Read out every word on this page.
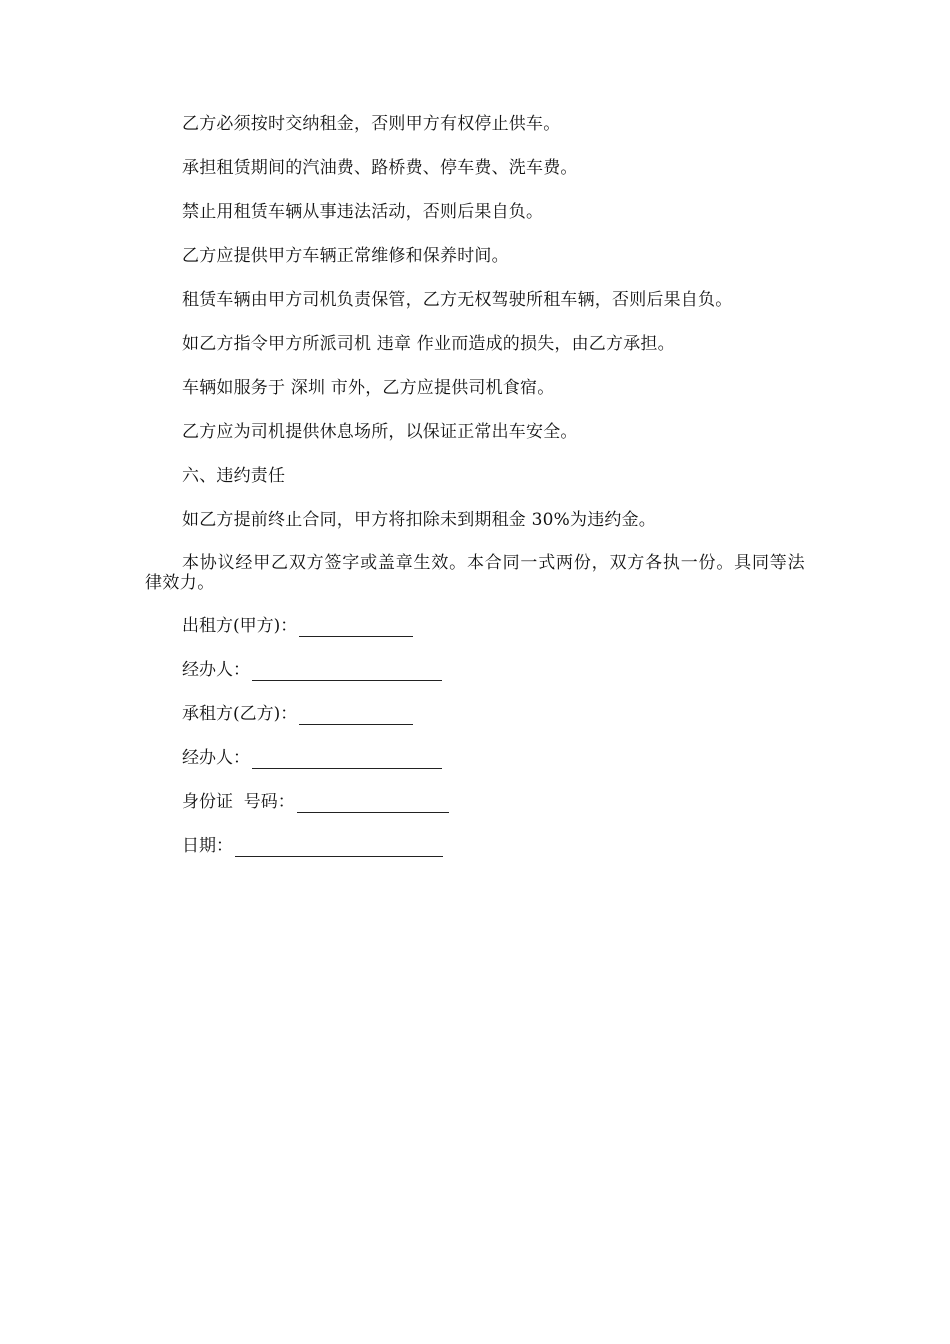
乙方必须按时交纳租金，否则甲方有权停止供车。

承担租赁期间的汽油费、路桥费、停车费、洗车费。

禁止用租赁车辆从事违法活动，否则后果自负。

乙方应提供甲方车辆正常维修和保养时间。

租赁车辆由甲方司机负责保管，乙方无权驾驶所租车辆，否则后果自负。

如乙方指令甲方所派司机 违章 作业而造成的损失，由乙方承担。

车辆如服务于 深圳 市外，乙方应提供司机食宿。

乙方应为司机提供休息场所，以保证正常出车安全。

六、违约责任

如乙方提前终止合同，甲方将扣除未到期租金 30%为违约金。

本协议经甲乙双方签字或盖章生效。本合同一式两份，双方各执一份。具同等法律效力。

出租方(甲方)：
经办人：
承租方(乙方)：
经办人：
身份证  号码：
日期：
